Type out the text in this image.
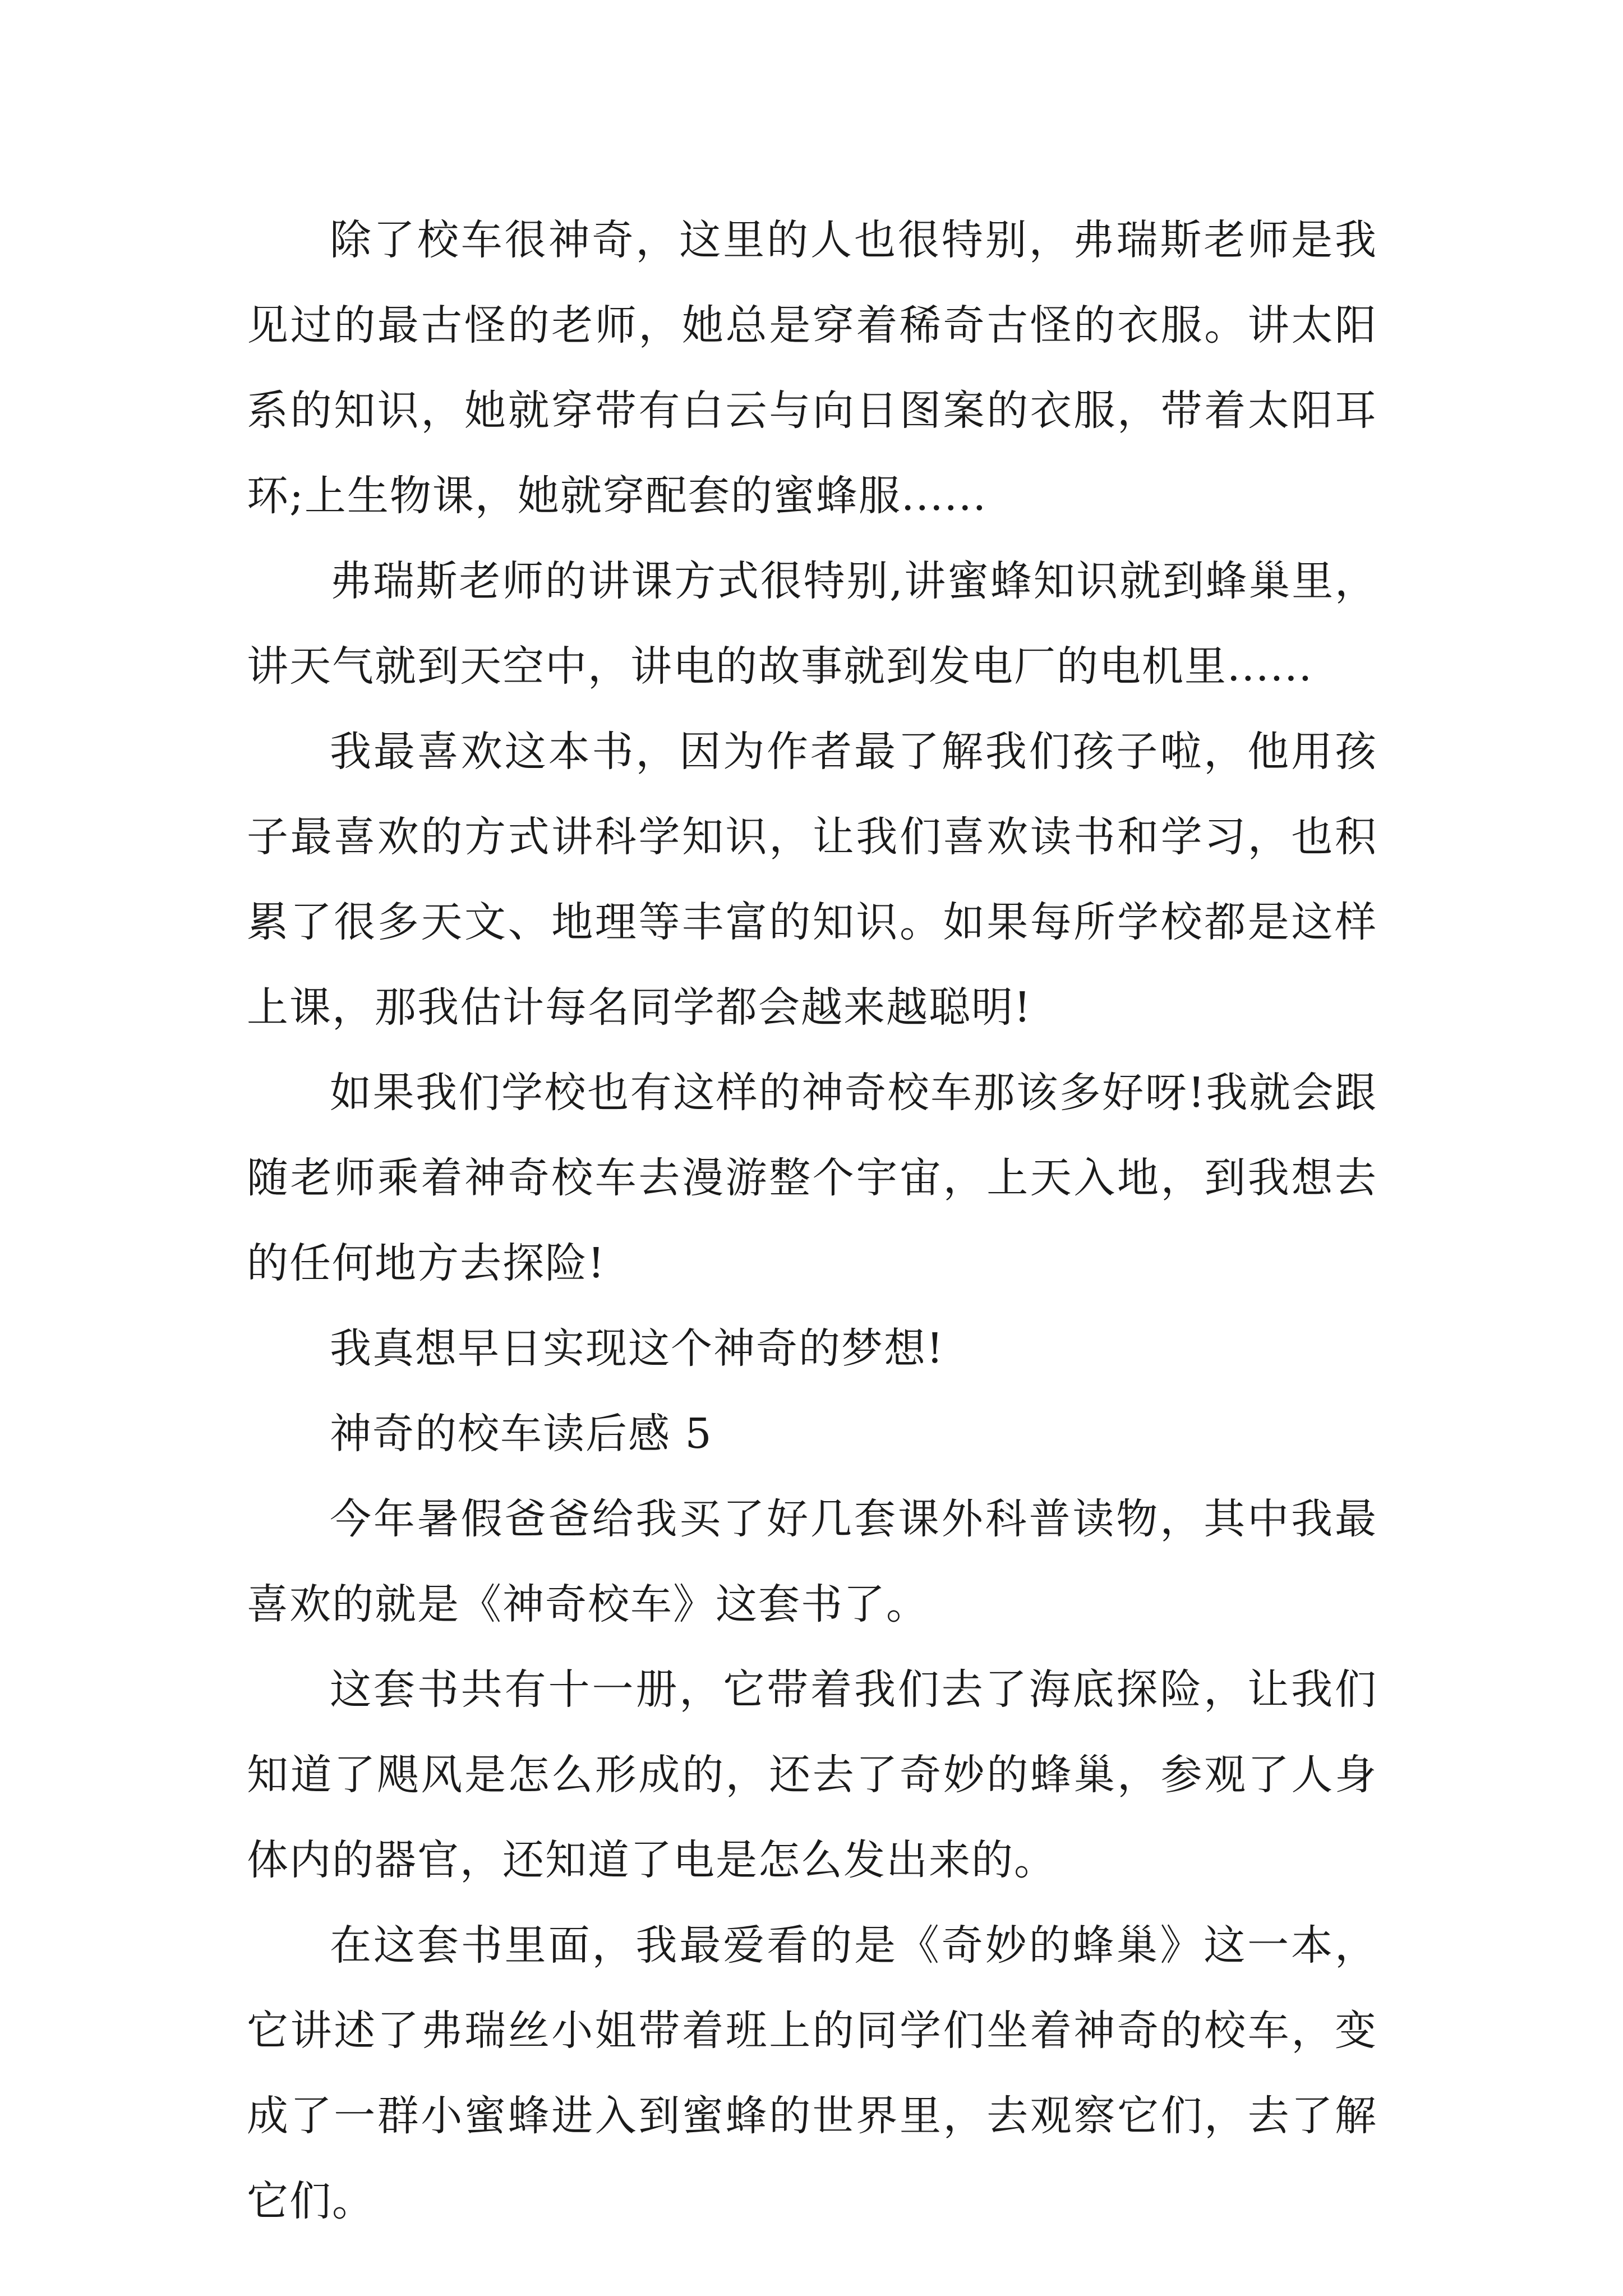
除了校车很神奇，这里的人也很特别，弗瑞斯老师是我见过的最古怪的老师，她总是穿着稀奇古怪的衣服。讲太阳系的知识，她就穿带有白云与向日图案的衣服，带着太阳耳环;上生物课，她就穿配套的蜜蜂服......

弗瑞斯老师的讲课方式很特别,讲蜜蜂知识就到蜂巢里，讲天气就到天空中，讲电的故事就到发电厂的电机里......

我最喜欢这本书，因为作者最了解我们孩子啦，他用孩子最喜欢的方式讲科学知识，让我们喜欢读书和学习，也积累了很多天文、地理等丰富的知识。如果每所学校都是这样上课，那我估计每名同学都会越来越聪明!

如果我们学校也有这样的神奇校车那该多好呀!我就会跟随老师乘着神奇校车去漫游整个宇宙，上天入地，到我想去的任何地方去探险!

我真想早日实现这个神奇的梦想!

神奇的校车读后感 5

今年暑假爸爸给我买了好几套课外科普读物，其中我最喜欢的就是《神奇校车》这套书了。

这套书共有十一册，它带着我们去了海底探险，让我们知道了飓风是怎么形成的，还去了奇妙的蜂巢，参观了人身体内的器官，还知道了电是怎么发出来的。

在这套书里面，我最爱看的是《奇妙的蜂巢》这一本，它讲述了弗瑞丝小姐带着班上的同学们坐着神奇的校车，变成了一群小蜜蜂进入到蜜蜂的世界里，去观察它们，去了解它们。
